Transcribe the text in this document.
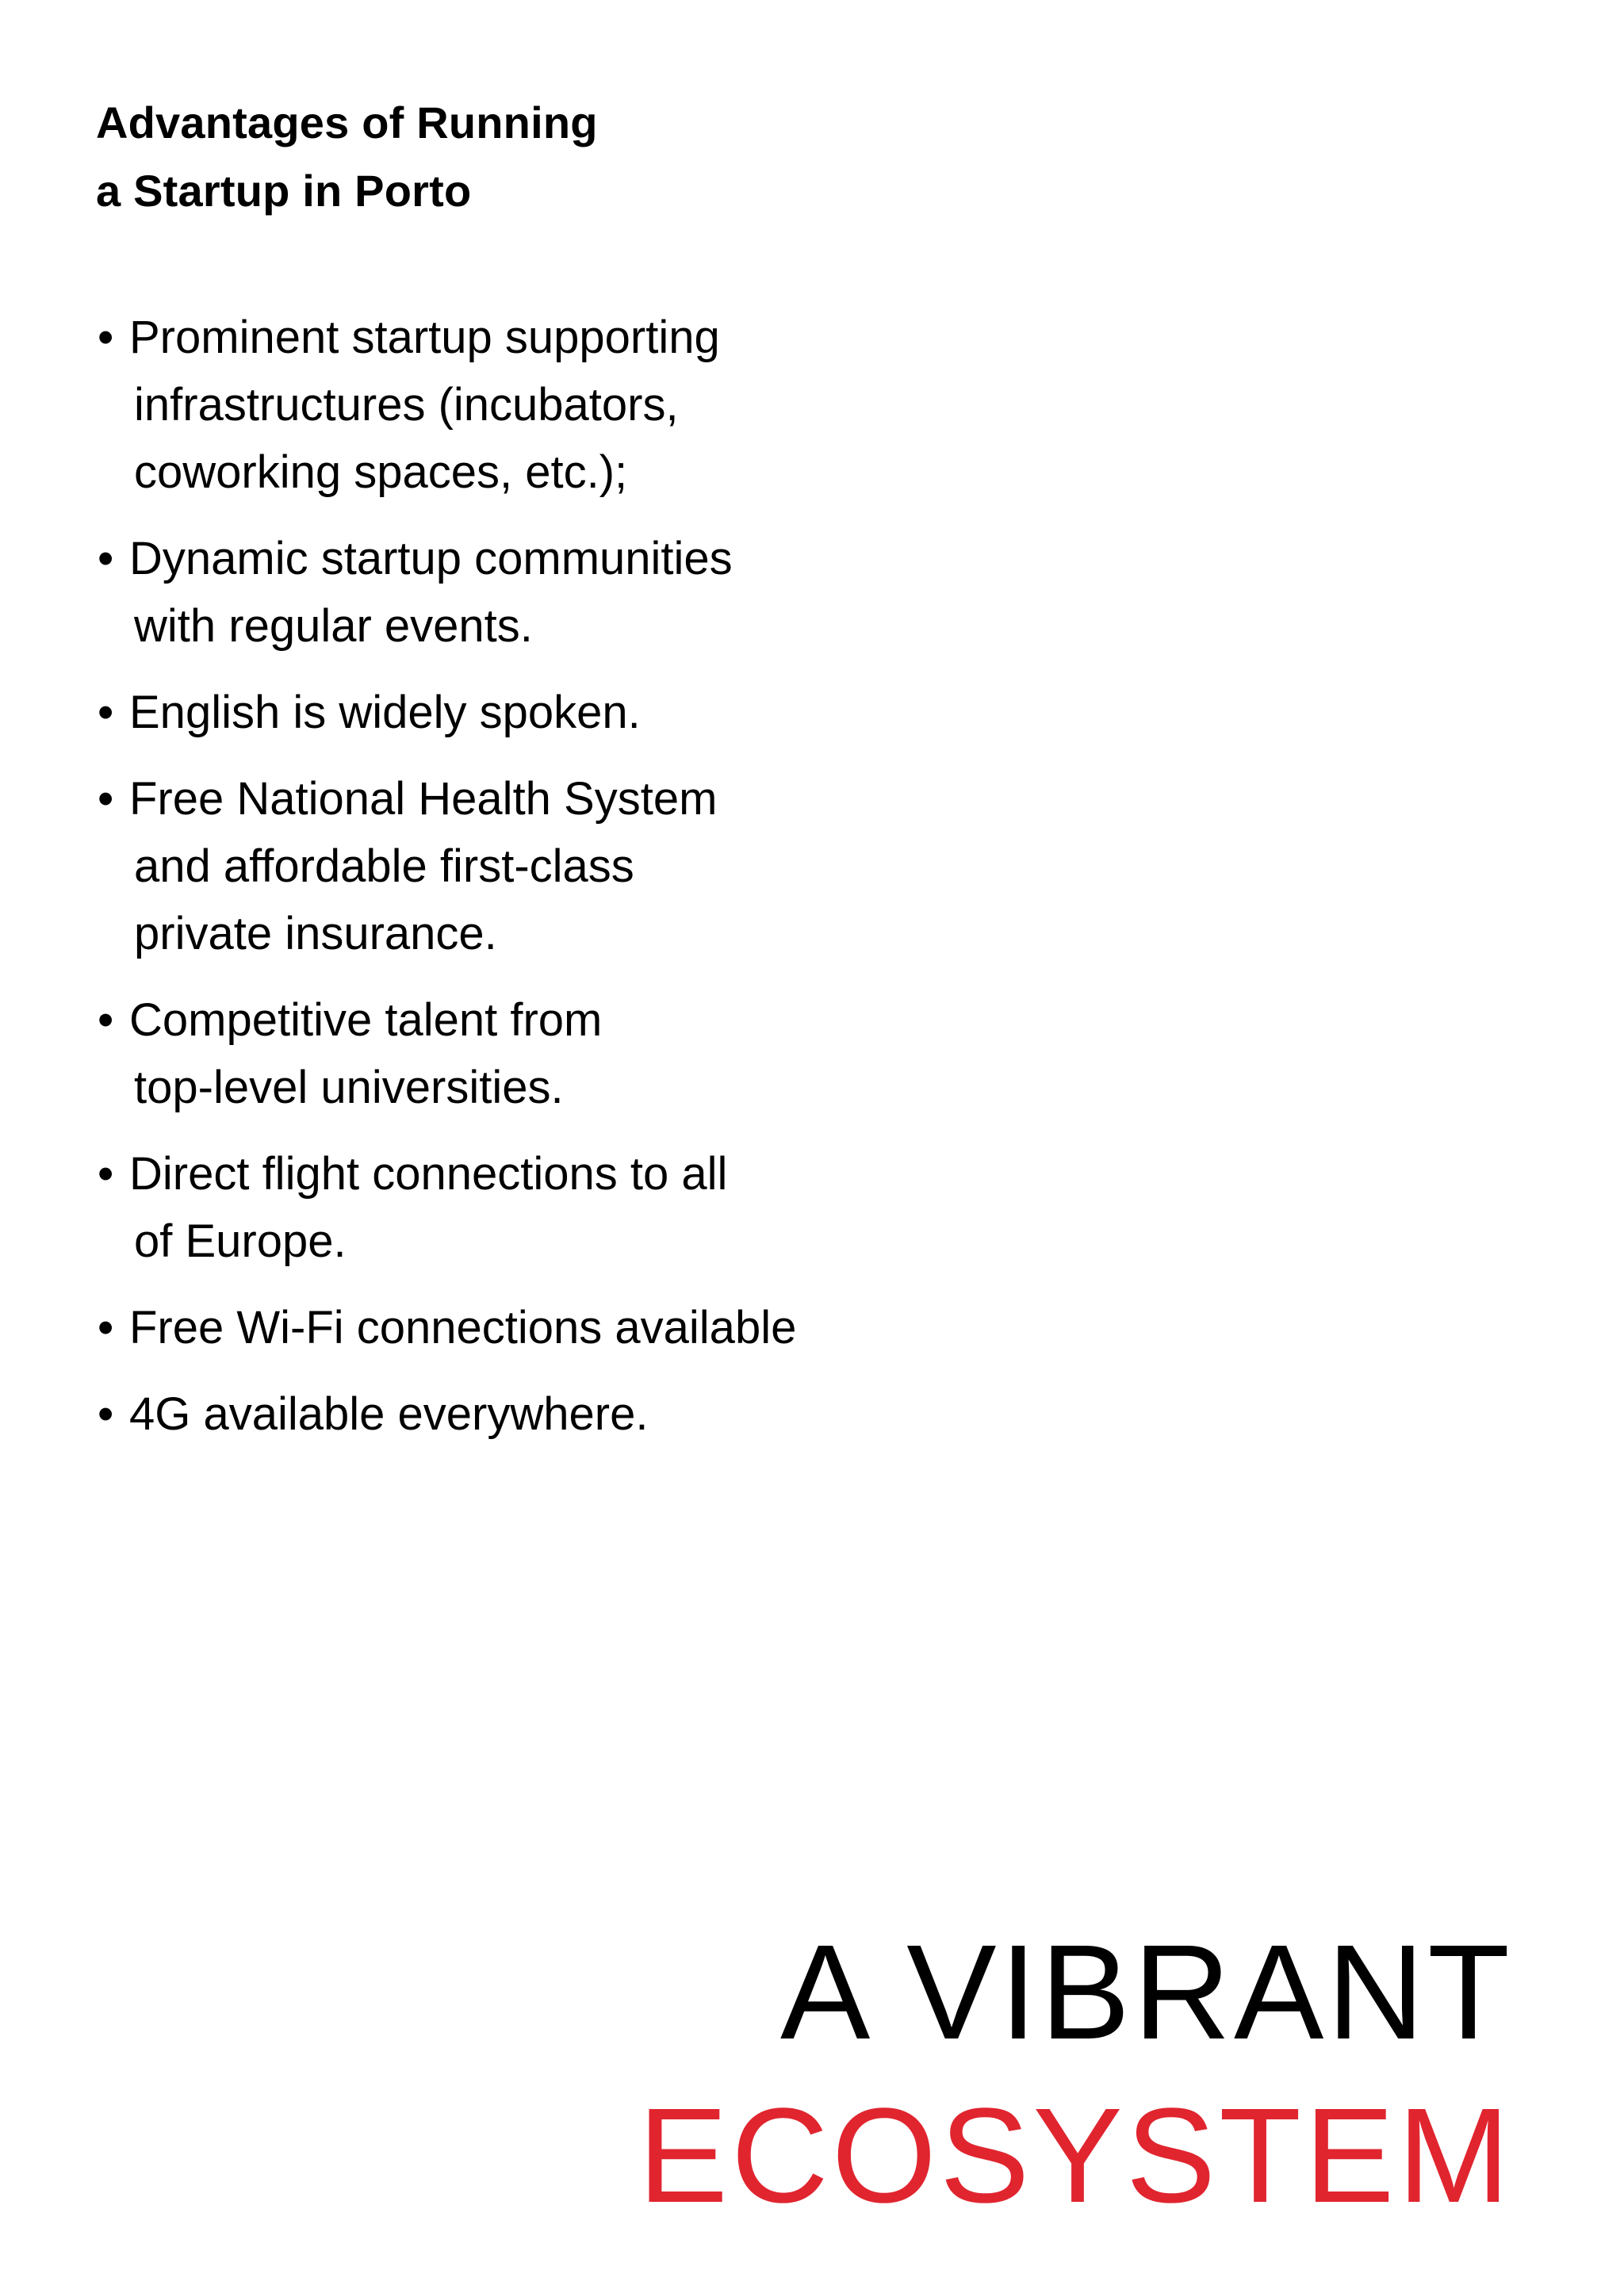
Advantages of Running
a Startup in Porto
• Prominent startup supporting
infrastructures (incubators,
coworking spaces, etc.);
• Dynamic startup communities
with regular events.
• English is widely spoken.
• Free National Health System
and affordable first-class
private insurance.
• Competitive talent from
top-level universities.
• Direct flight connections to all
of Europe.
• Free Wi-Fi connections available
• 4G available everywhere.
A VIBRANT
ECOSYSTEM
